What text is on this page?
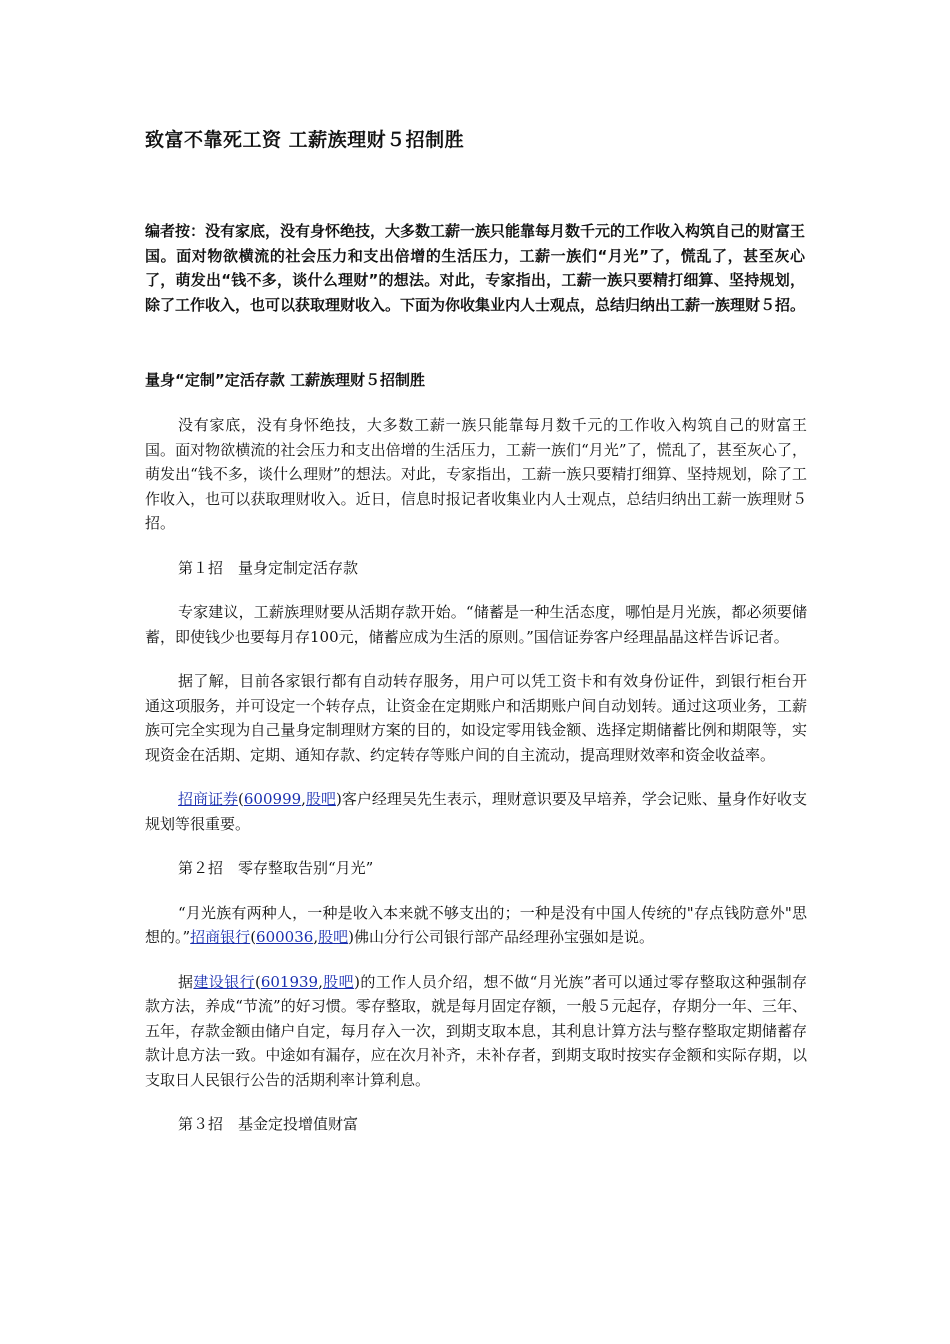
致富不靠死工资 工薪族理财５招制胜

编者按：没有家底，没有身怀绝技，大多数工薪一族只能靠每月数千元的工作收入构筑自己的财富王国。面对物欲横流的社会压力和支出倍增的生活压力，工薪一族们“月光”了，慌乱了，甚至灰心了，萌发出“钱不多，谈什么理财”的想法。对此，专家指出，工薪一族只要精打细算、坚持规划，除了工作收入，也可以获取理财收入。下面为你收集业内人士观点，总结归纳出工薪一族理财５招。

量身“定制”定活存款 工薪族理财５招制胜

没有家底，没有身怀绝技，大多数工薪一族只能靠每月数千元的工作收入构筑自己的财富王国。面对物欲横流的社会压力和支出倍增的生活压力，工薪一族们“月光”了，慌乱了，甚至灰心了，萌发出“钱不多，谈什么理财”的想法。对此，专家指出，工薪一族只要精打细算、坚持规划，除了工作收入，也可以获取理财收入。近日，信息时报记者收集业内人士观点，总结归纳出工薪一族理财５招。

第１招　量身定制定活存款

专家建议，工薪族理财要从活期存款开始。“储蓄是一种生活态度，哪怕是月光族，都必须要储蓄，即使钱少也要每月存100元，储蓄应成为生活的原则。”国信证券客户经理晶晶这样告诉记者。

据了解，目前各家银行都有自动转存服务，用户可以凭工资卡和有效身份证件，到银行柜台开通这项服务，并可设定一个转存点，让资金在定期账户和活期账户间自动划转。通过这项业务，工薪族可完全实现为自己量身定制理财方案的目的，如设定零用钱金额、选择定期储蓄比例和期限等，实现资金在活期、定期、通知存款、约定转存等账户间的自主流动，提高理财效率和资金收益率。

招商证券(600999,股吧)客户经理吴先生表示，理财意识要及早培养，学会记账、量身作好收支规划等很重要。

第２招　零存整取告别“月光”

“月光族有两种人，一种是收入本来就不够支出的；一种是没有中国人传统的"存点钱防意外"思想的。”招商银行(600036,股吧)佛山分行公司银行部产品经理孙宝强如是说。

据建设银行(601939,股吧)的工作人员介绍，想不做“月光族”者可以通过零存整取这种强制存款方法，养成“节流”的好习惯。零存整取，就是每月固定存额，一般５元起存，存期分一年、三年、五年，存款金额由储户自定，每月存入一次，到期支取本息，其利息计算方法与整存整取定期储蓄存款计息方法一致。中途如有漏存，应在次月补齐，未补存者，到期支取时按实存金额和实际存期，以支取日人民银行公告的活期利率计算利息。

第３招　基金定投增值财富
